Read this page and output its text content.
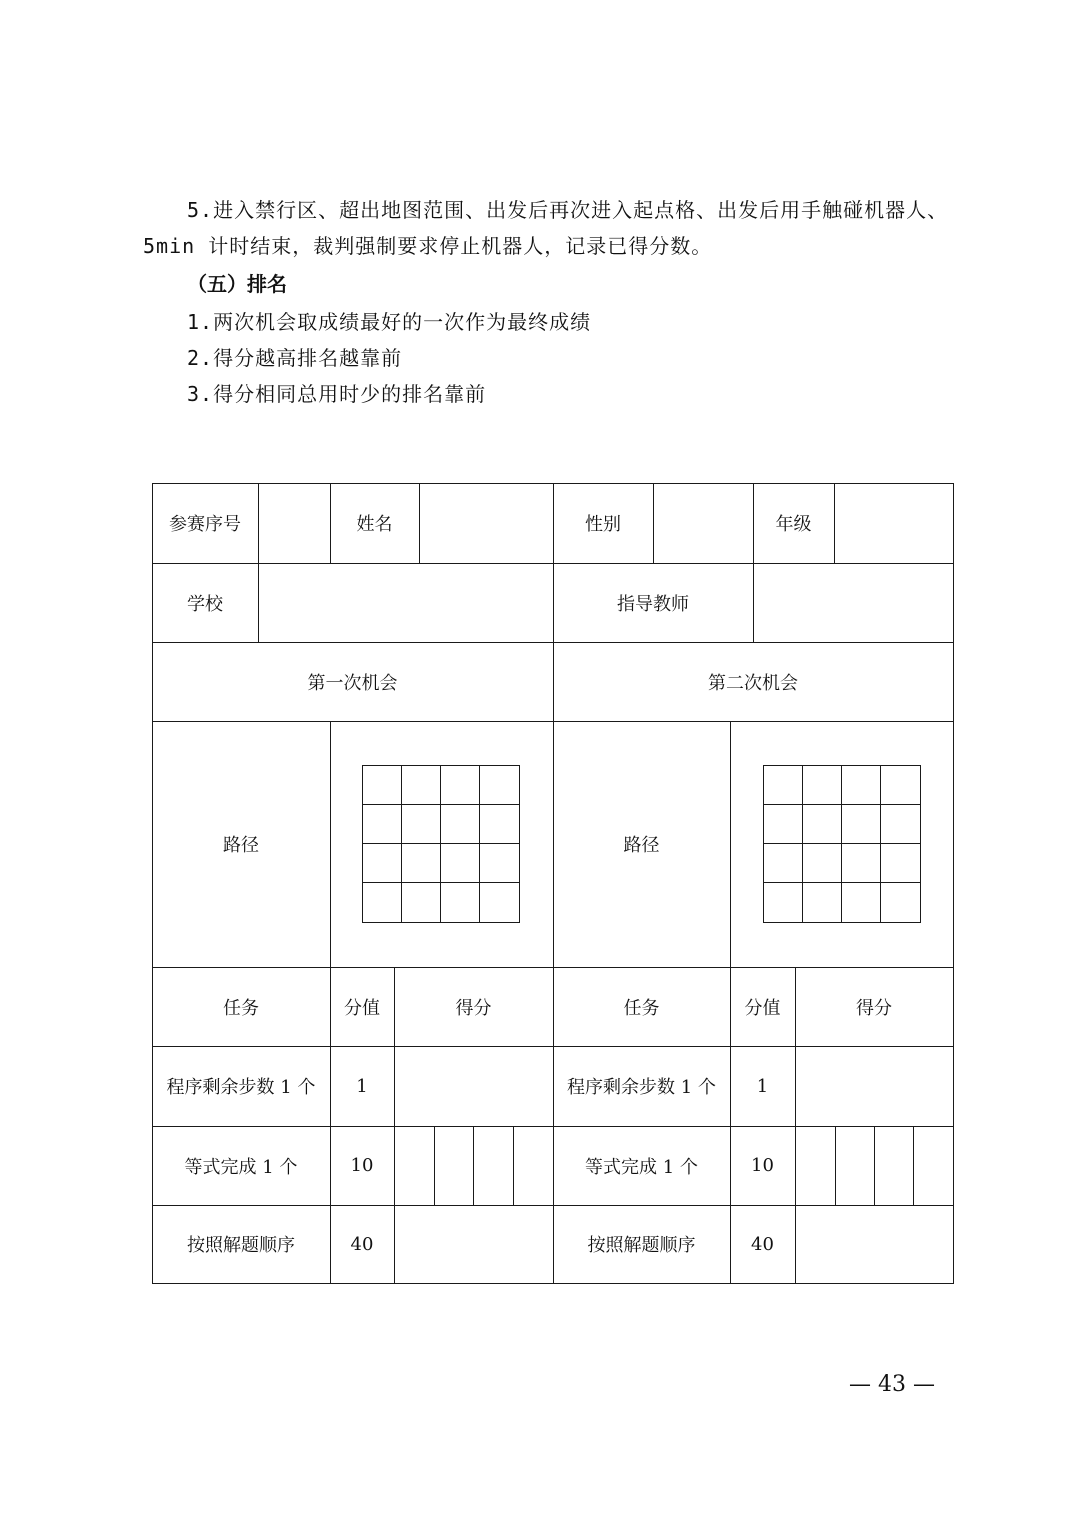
5.进入禁行区、超出地图范围、出发后再次进入起点格、出发后用手触碰机器人、5min 计时结束，裁判强制要求停止机器人，记录已得分数。

（五）排名

1.两次机会取成绩最好的一次作为最终成绩

2.得分越高排名越靠前

3.得分相同总用时少的排名靠前

参赛序号	姓名	性别	年级
学校	指导教师
第一次机会	第二次机会
路径	路径
任务	分值	得分	任务	分值	得分
程序剩余步数 1 个	1	程序剩余步数 1 个	1
等式完成 1 个	10	等式完成 1 个	10
按照解题顺序	40	按照解题顺序	40
— 43 —
